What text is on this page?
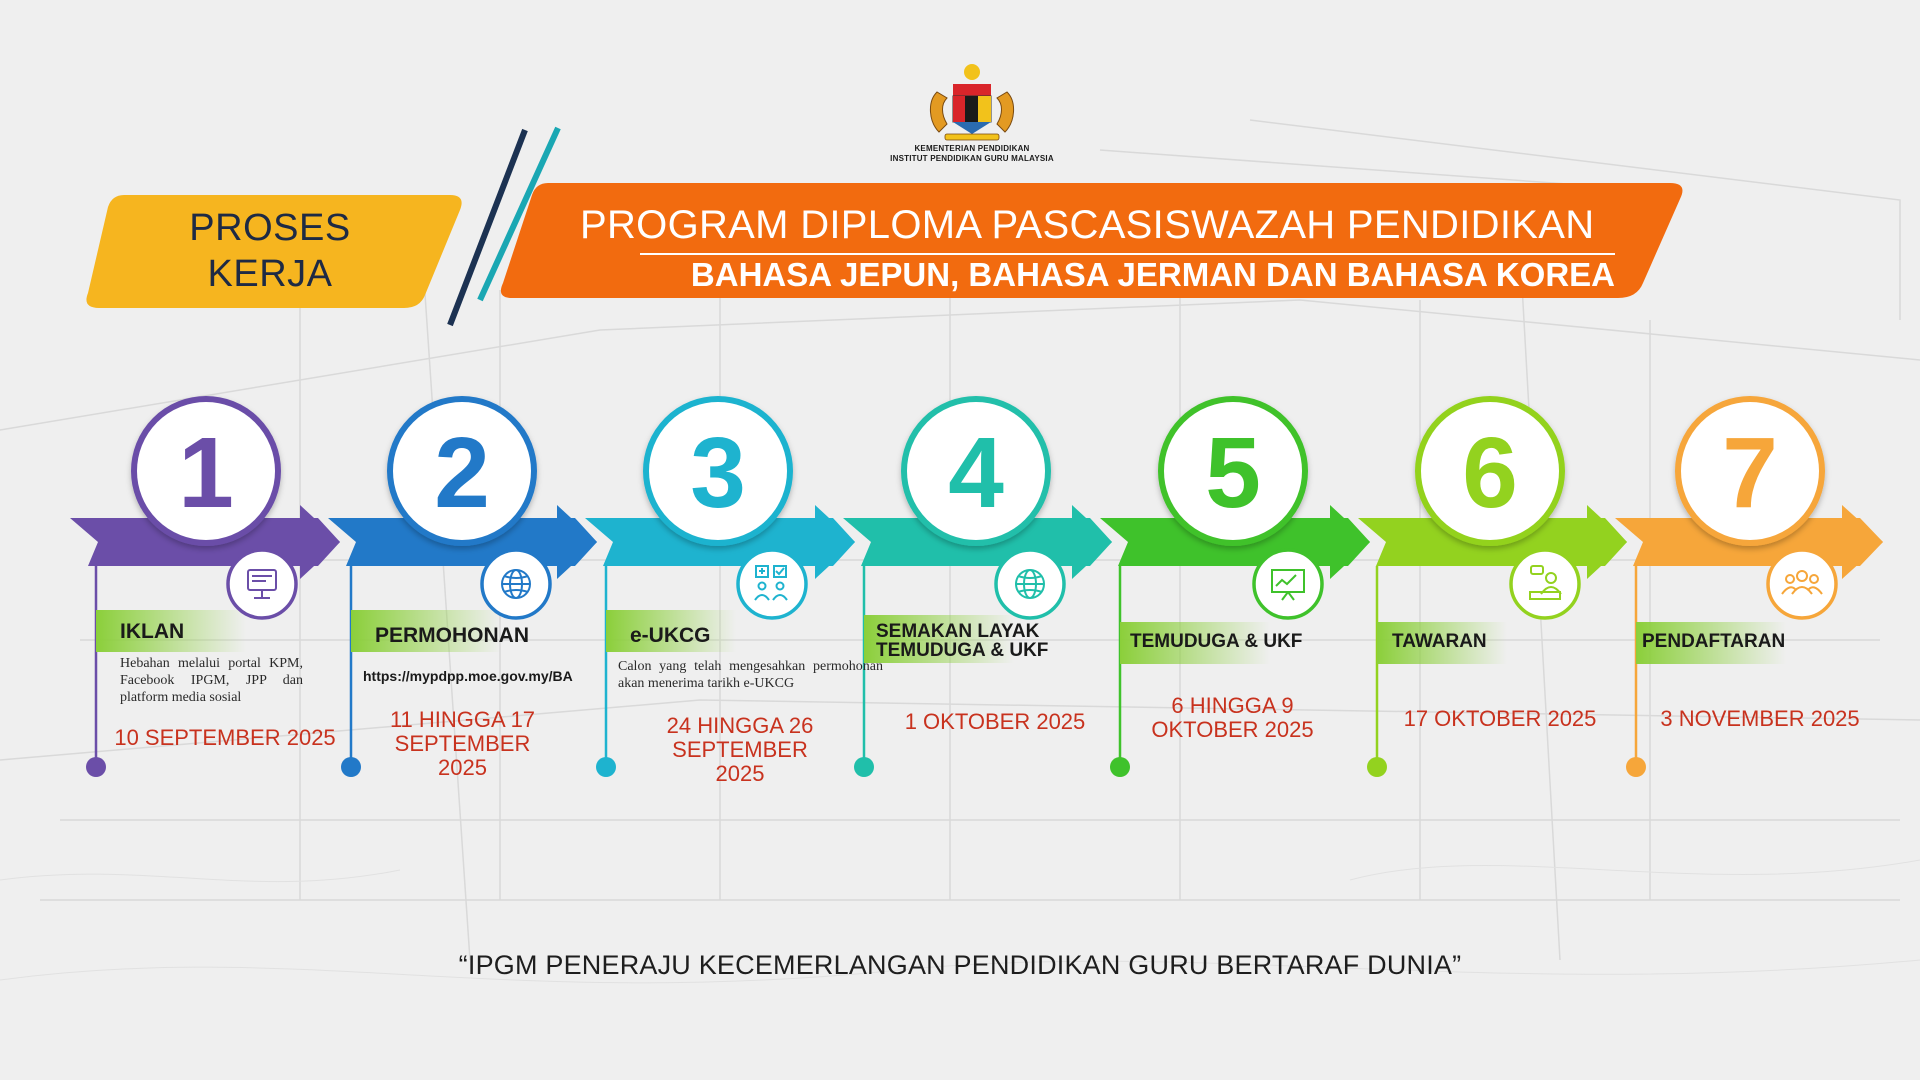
KEMENTERIAN PENDIDIKAN
INSTITUT PENDIDIKAN GURU MALAYSIA
PROSES
KERJA
PROGRAM DIPLOMA PASCASISWAZAH PENDIDIKAN
BAHASA JEPUN, BAHASA JERMAN DAN BAHASA KOREA
1 2 3 4 5 6 7
IKLAN
Hebahan melalui portal KPM, Facebook IPGM, JPP dan platform media sosial
10 SEPTEMBER 2025
PERMOHONAN
https://mypdpp.moe.gov.my/BA
11 HINGGA 17 SEPTEMBER 2025
e-UKCG
Calon yang telah mengesahkan permohonan akan menerima tarikh e-UKCG
24 HINGGA 26 SEPTEMBER 2025
SEMAKAN LAYAK TEMUDUGA & UKF
1 OKTOBER 2025
TEMUDUGA & UKF
6 HINGGA 9 OKTOBER 2025
TAWARAN
17 OKTOBER 2025
PENDAFTARAN
3 NOVEMBER 2025
“IPGM PENERAJU KECEMERLANGAN PENDIDIKAN GURU BERTARAF DUNIA”
